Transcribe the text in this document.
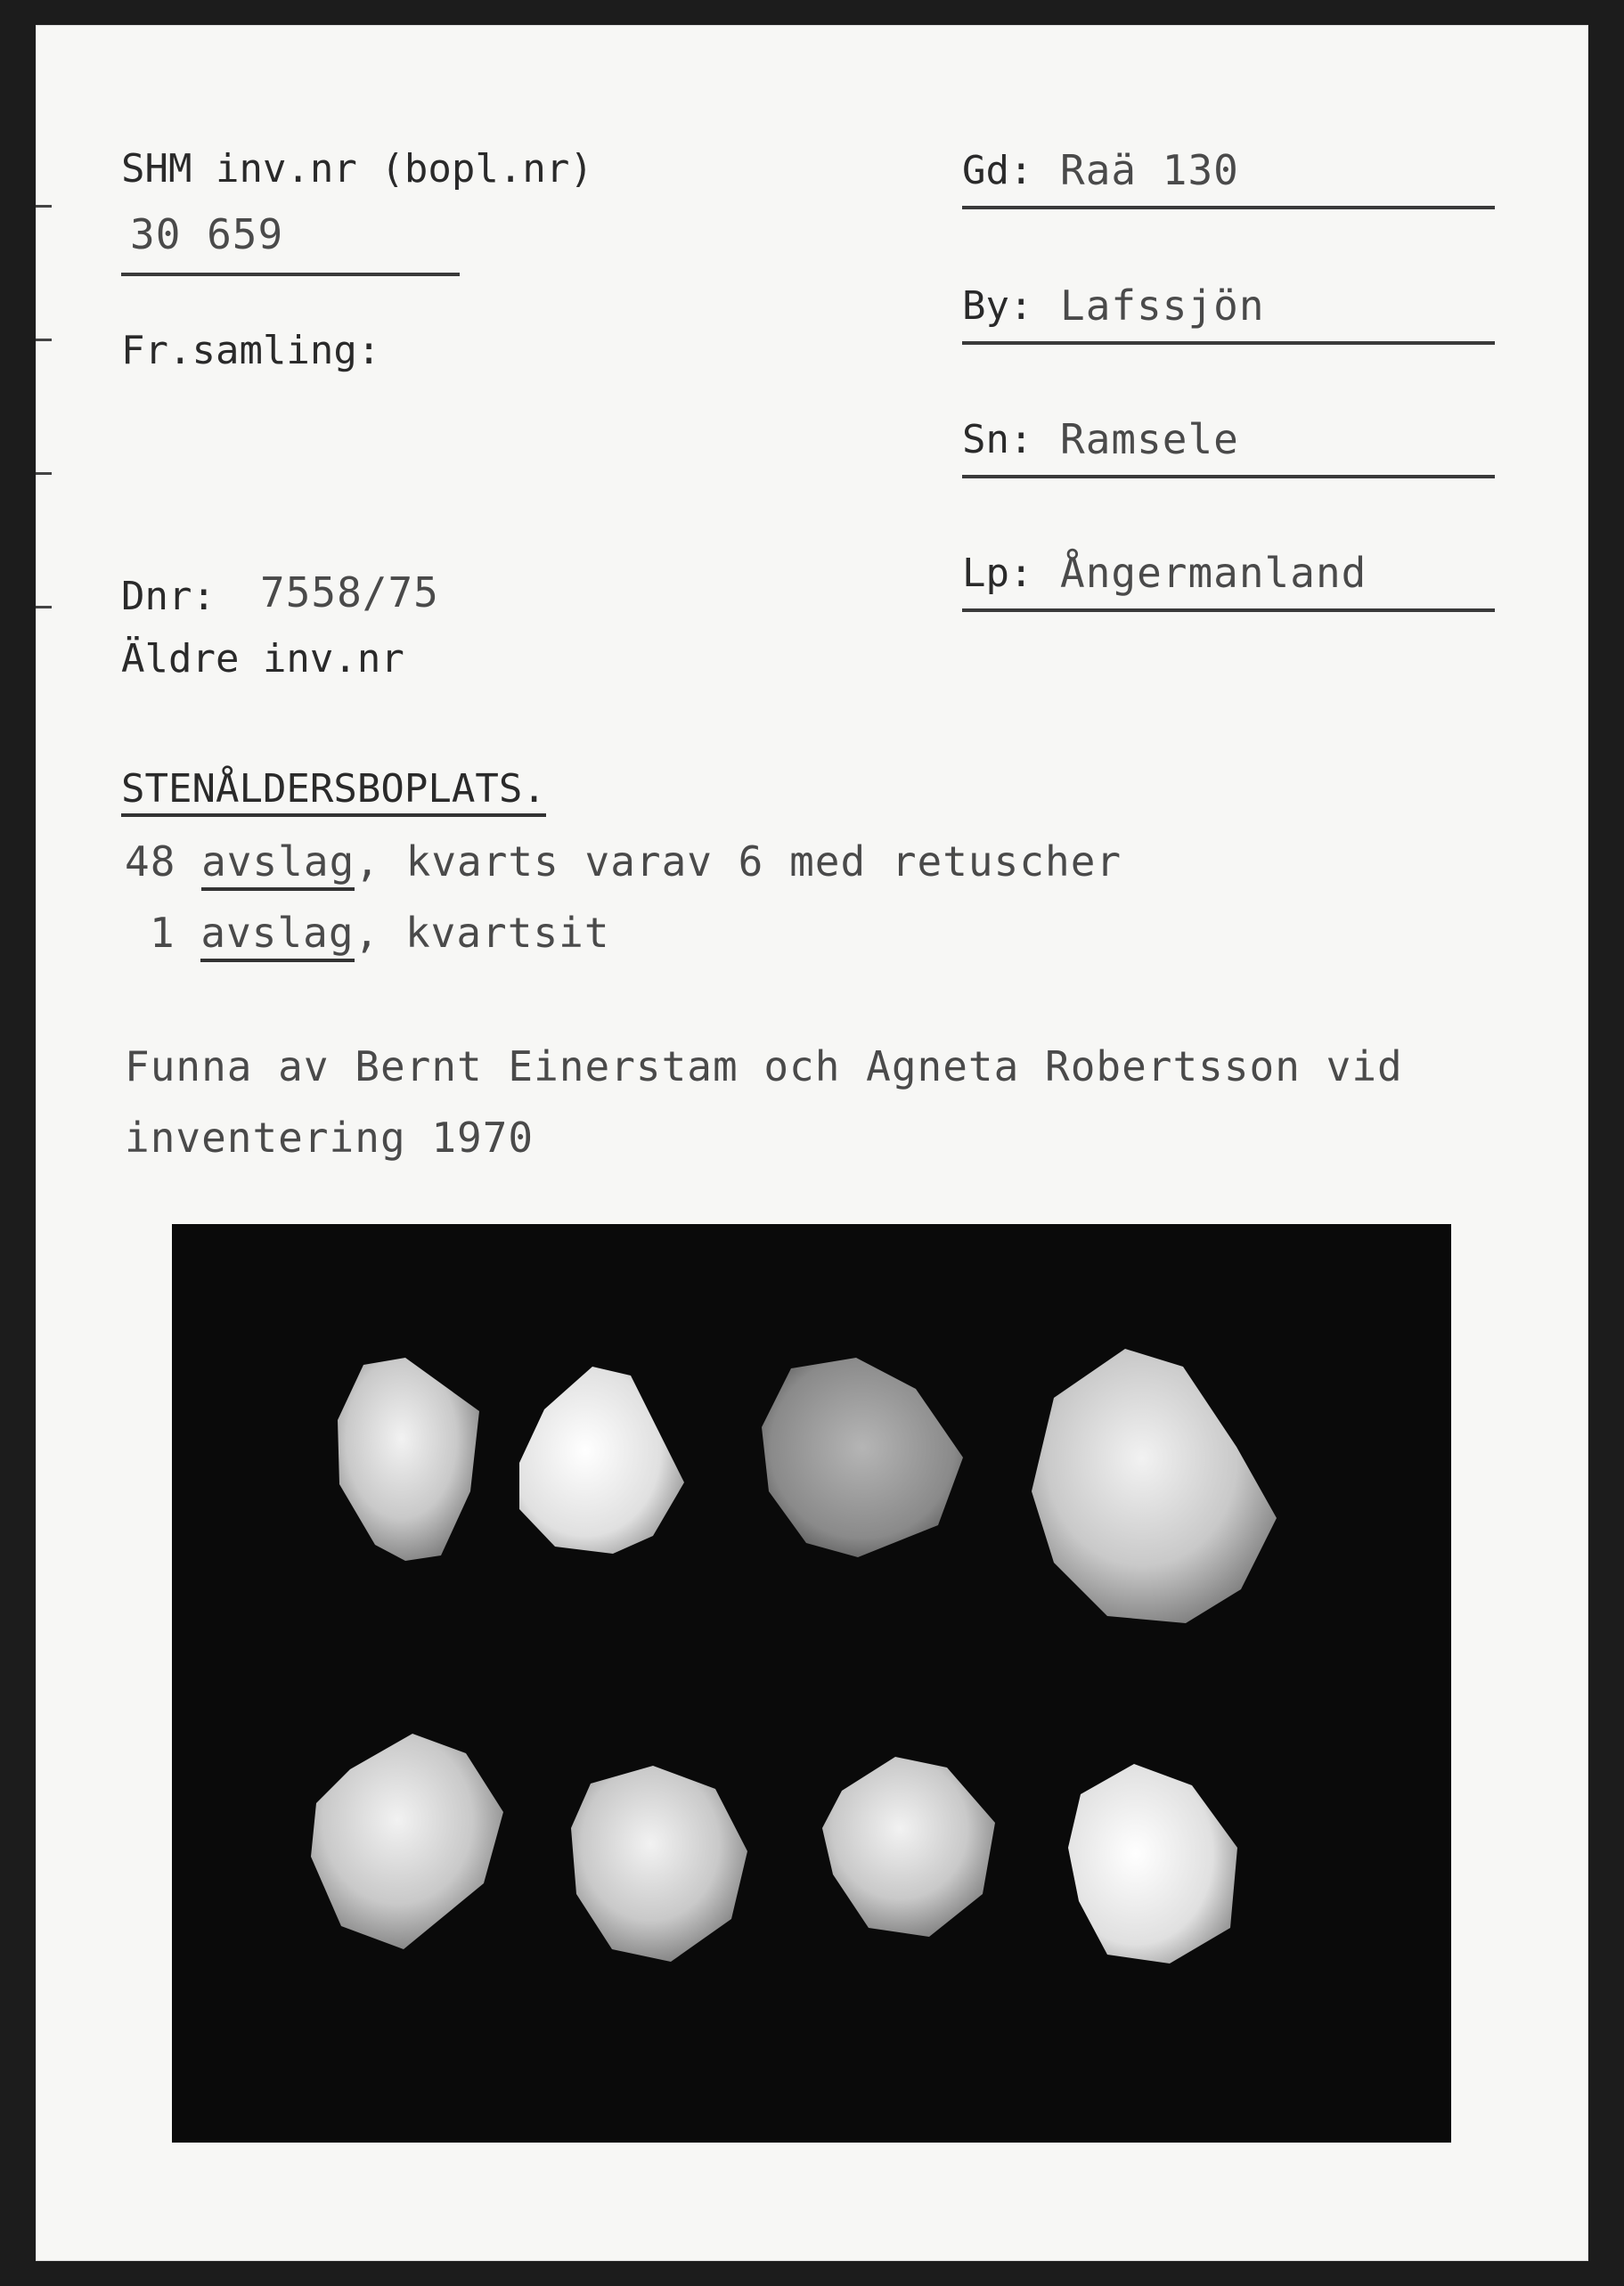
SHM inv.nr (bopl.nr)
30 659
Fr.samling:
Dnr: 7558/75
Äldre inv.nr
Gd: Raä 130
By: Lafssjön
Sn: Ramsele
Lp: Ångermanland
STENÅLDERSBOPLATS.
48 avslag, kvarts varav 6 med retuscher
1 avslag, kvartsit
Funna av Bernt Einerstam och Agneta Robertsson vid
inventering 1970
